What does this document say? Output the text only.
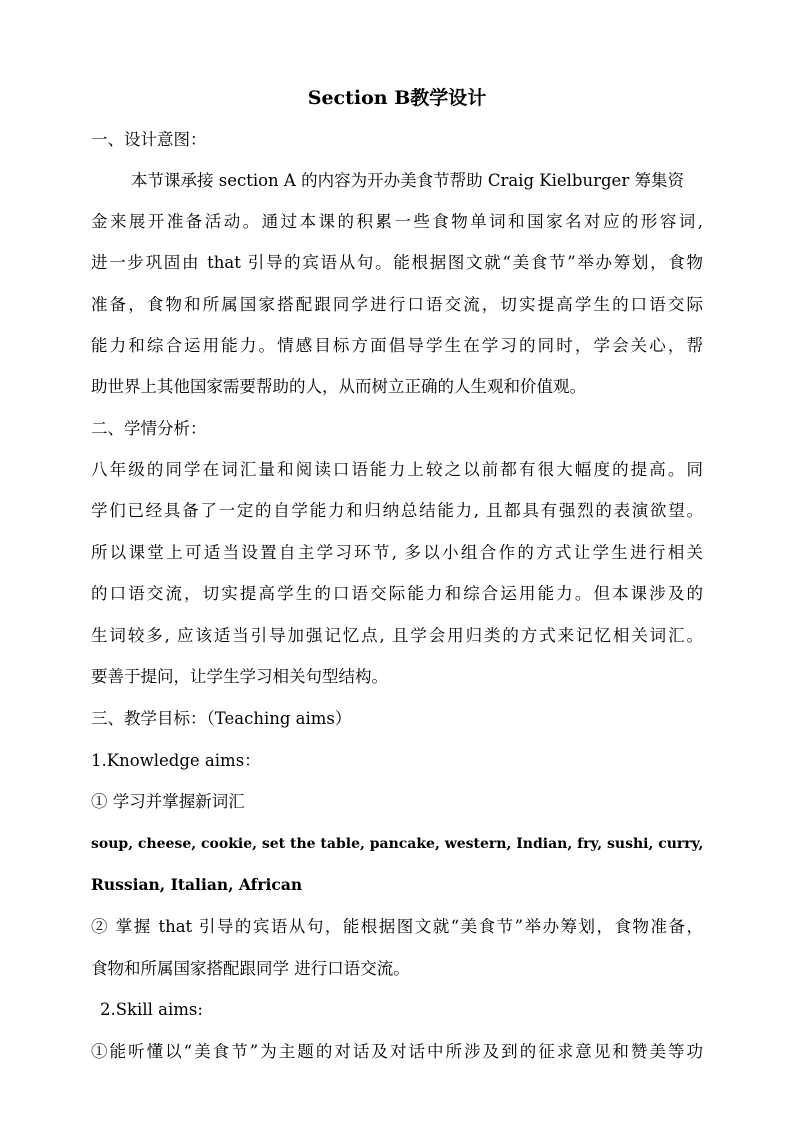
Section B教学设计
一、设计意图：
本节课承接 section A 的内容为开办美食节帮助 Craig Kielburger 筹集资
金来展开准备活动。通过本课的积累一些食物单词和国家名对应的形容词,
进一步巩固由 that 引导的宾语从句。能根据图文就“美食节”举办筹划，食物
准备，食物和所属国家搭配跟同学进行口语交流，切实提高学生的口语交际
能力和综合运用能力。情感目标方面倡导学生在学习的同时，学会关心，帮
助世界上其他国家需要帮助的人，从而树立正确的人生观和价值观。
二、学情分析：
八年级的同学在词汇量和阅读口语能力上较之以前都有很大幅度的提高。同
学们已经具备了一定的自学能力和归纳总结能力, 且都具有强烈的表演欲望。
所以课堂上可适当设置自主学习环节, 多以小组合作的方式让学生进行相关
的口语交流，切实提高学生的口语交际能力和综合运用能力。但本课涉及的
生词较多, 应该适当引导加强记忆点, 且学会用归类的方式来记忆相关词汇。
要善于提问，让学生学习相关句型结构。
三、教学目标：（Teaching aims）
1.Knowledge aims：
① 学习并掌握新词汇
soup, cheese, cookie, set the table, pancake, western, Indian, fry, sushi, curry,
Russian, Italian, African
② 掌握 that 引导的宾语从句，能根据图文就“美食节”举办筹划，食物准备，
食物和所属国家搭配跟同学 进行口语交流。
2.Skill aims:
①能听懂以“美食节”为主题的对话及对话中所涉及到的征求意见和赞美等功
